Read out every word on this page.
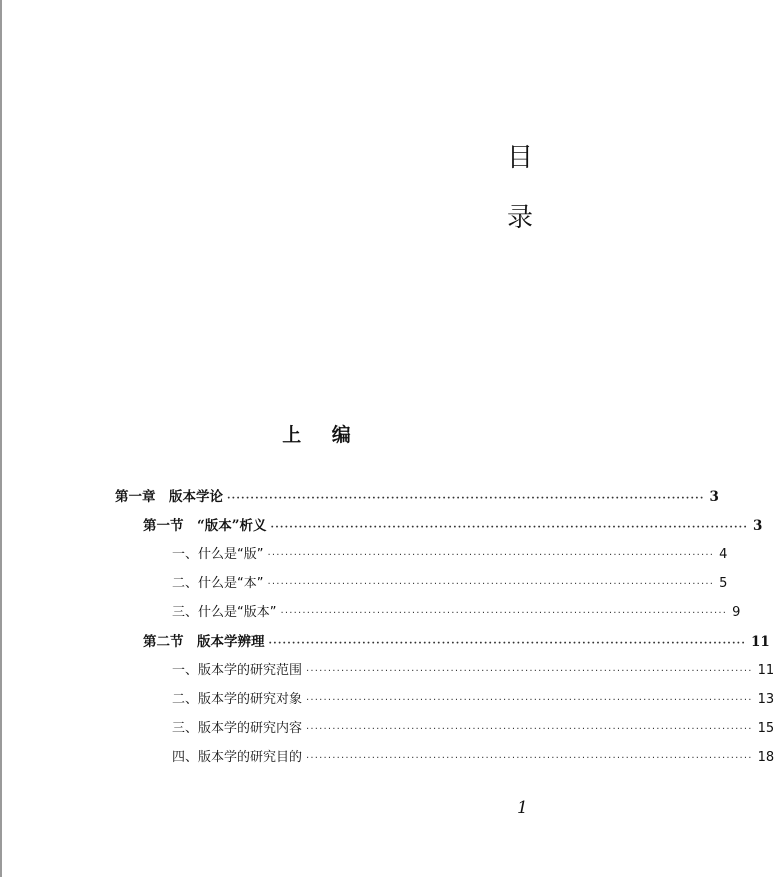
目
录
上 编
第一章　版本学论 ······································································································ 3
第一节　“版本”析义 ······································································································ 3
一、什么是“版” ······································································································ 4
二、什么是“本” ······································································································ 5
三、什么是“版本” ······································································································ 9
第二节　版本学辨理 ······································································································ 11
一、版本学的研究范围 ······································································································ 11
二、版本学的研究对象 ······································································································ 13
三、版本学的研究内容 ······································································································ 15
四、版本学的研究目的 ······································································································ 18
1
